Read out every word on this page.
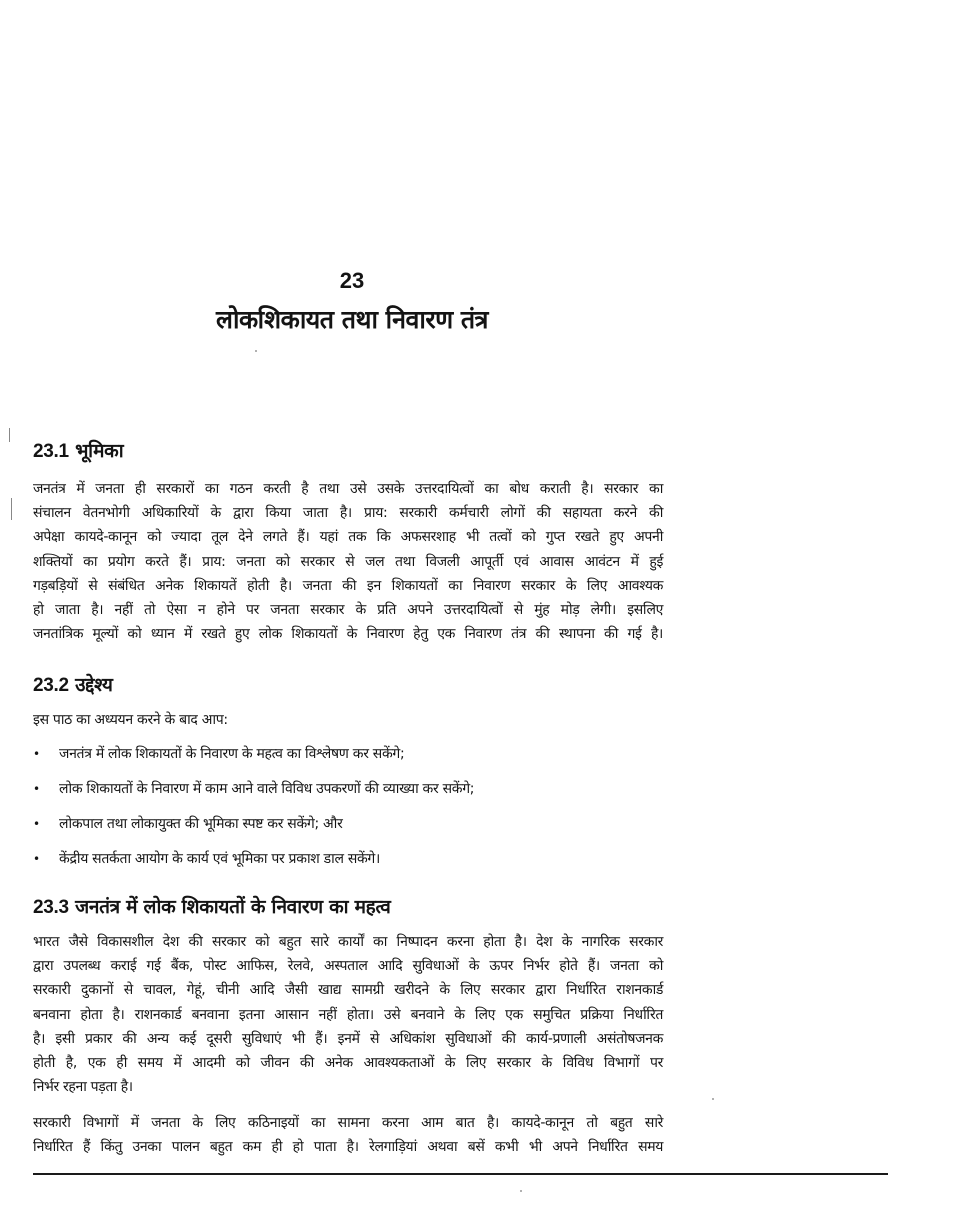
23
लोकशिकायत तथा निवारण तंत्र
23.1 भूमिका
जनतंत्र में जनता ही सरकारों का गठन करती है तथा उसे उसके उत्तरदायित्वों का बोध कराती है। सरकार का
संचालन वेतनभोगी अधिकारियों के द्वारा किया जाता है। प्राय: सरकारी कर्मचारी लोगों की सहायता करने की
अपेक्षा कायदे-कानून को ज्यादा तूल देने लगते हैं। यहां तक कि अफसरशाह भी तत्वों को गुप्त रखते हुए अपनी
शक्तियों का प्रयोग करते हैं। प्राय: जनता को सरकार से जल तथा विजली आपूर्ती एवं आवास आवंटन में हुई
गड़बड़ियों से संबंधित अनेक शिकायतें होती है। जनता की इन शिकायतों का निवारण सरकार के लिए आवश्यक
हो जाता है। नहीं तो ऐसा न होने पर जनता सरकार के प्रति अपने उत्तरदायित्वों से मुंह मोड़ लेगी। इसलिए
जनतांत्रिक मूल्यों को ध्यान में रखते हुए लोक शिकायतों के निवारण हेतु एक निवारण तंत्र की स्थापना की गई है।
23.2 उद्देश्य
इस पाठ का अध्ययन करने के बाद आप:
• जनतंत्र में लोक शिकायतों के निवारण के महत्व का विश्लेषण कर सकेंगे;
• लोक शिकायतों के निवारण में काम आने वाले विविध उपकरणों की व्याख्या कर सकेंगे;
• लोकपाल तथा लोकायुक्त की भूमिका स्पष्ट कर सकेंगे; और
• केंद्रीय सतर्कता आयोग के कार्य एवं भूमिका पर प्रकाश डाल सकेंगे।
23.3 जनतंत्र में लोक शिकायतों के निवारण का महत्व
भारत जैसे विकासशील देश की सरकार को बहुत सारे कार्यों का निष्पादन करना होता है। देश के नागरिक सरकार
द्वारा उपलब्ध कराई गई बैंक, पोस्ट आफिस, रेलवे, अस्पताल आदि सुविधाओं के ऊपर निर्भर होते हैं। जनता को
सरकारी दुकानों से चावल, गेहूं, चीनी आदि जैसी खाद्य सामग्री खरीदने के लिए सरकार द्वारा निर्धारित राशनकार्ड
बनवाना होता है। राशनकार्ड बनवाना इतना आसान नहीं होता। उसे बनवाने के लिए एक समुचित प्रक्रिया निर्धारित
है। इसी प्रकार की अन्य कई दूसरी सुविधाएं भी हैं। इनमें से अधिकांश सुविधाओं की कार्य-प्रणाली असंतोषजनक
होती है, एक ही समय में आदमी को जीवन की अनेक आवश्यकताओं के लिए सरकार के विविध विभागों पर
निर्भर रहना पड़ता है।
सरकारी विभागों में जनता के लिए कठिनाइयों का सामना करना आम बात है। कायदे-कानून तो बहुत सारे
निर्धारित हैं किंतु उनका पालन बहुत कम ही हो पाता है। रेलगाड़ियां अथवा बसें कभी भी अपने निर्धारित समय
